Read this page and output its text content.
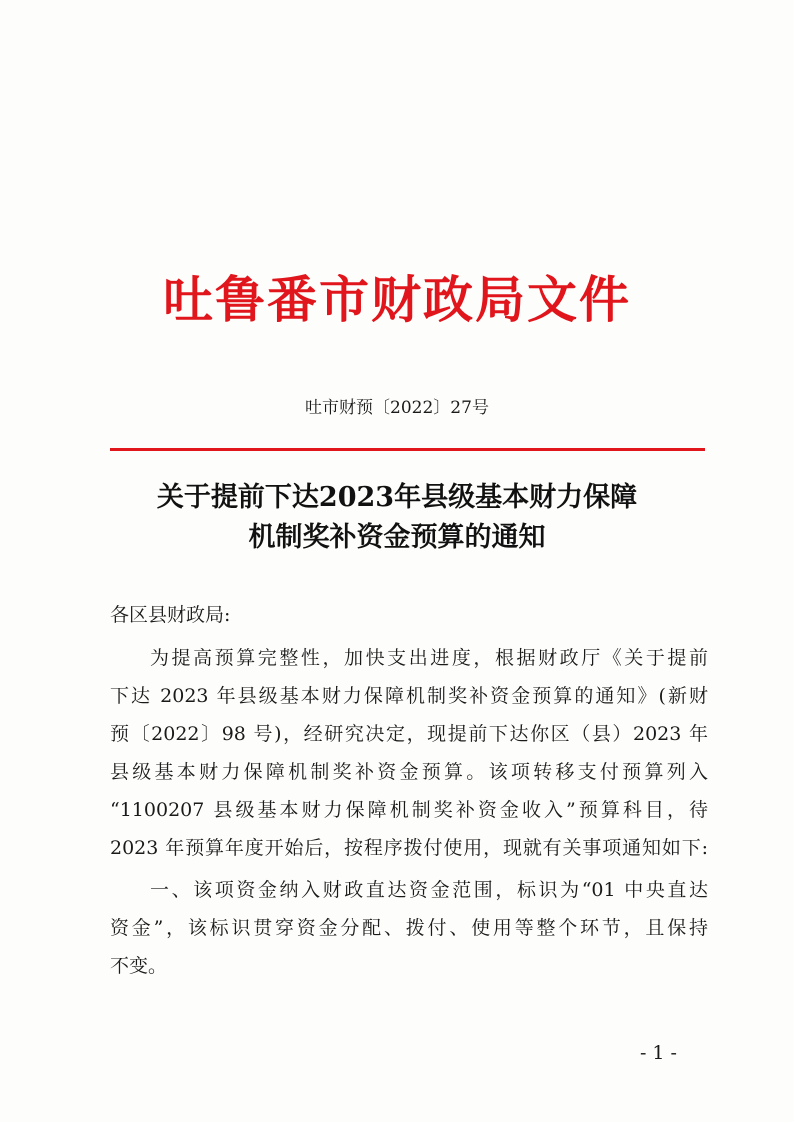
吐鲁番市财政局文件
吐市财预〔2022〕27号
关于提前下达2023年县级基本财力保障
机制奖补资金预算的通知
各区县财政局:
为提高预算完整性，加快支出进度，根据财政厅《关于提前
下达 2023 年县级基本财力保障机制奖补资金预算的通知》(新财
预〔2022〕98 号)，经研究决定，现提前下达你区（县）2023 年
县级基本财力保障机制奖补资金预算。该项转移支付预算列入
“1100207 县级基本财力保障机制奖补资金收入”预算科目，待
2023 年预算年度开始后，按程序拨付使用，现就有关事项通知如下:
一、该项资金纳入财政直达资金范围，标识为“01 中央直达
资金”，该标识贯穿资金分配、拨付、使用等整个环节，且保持
不变。
-1-
